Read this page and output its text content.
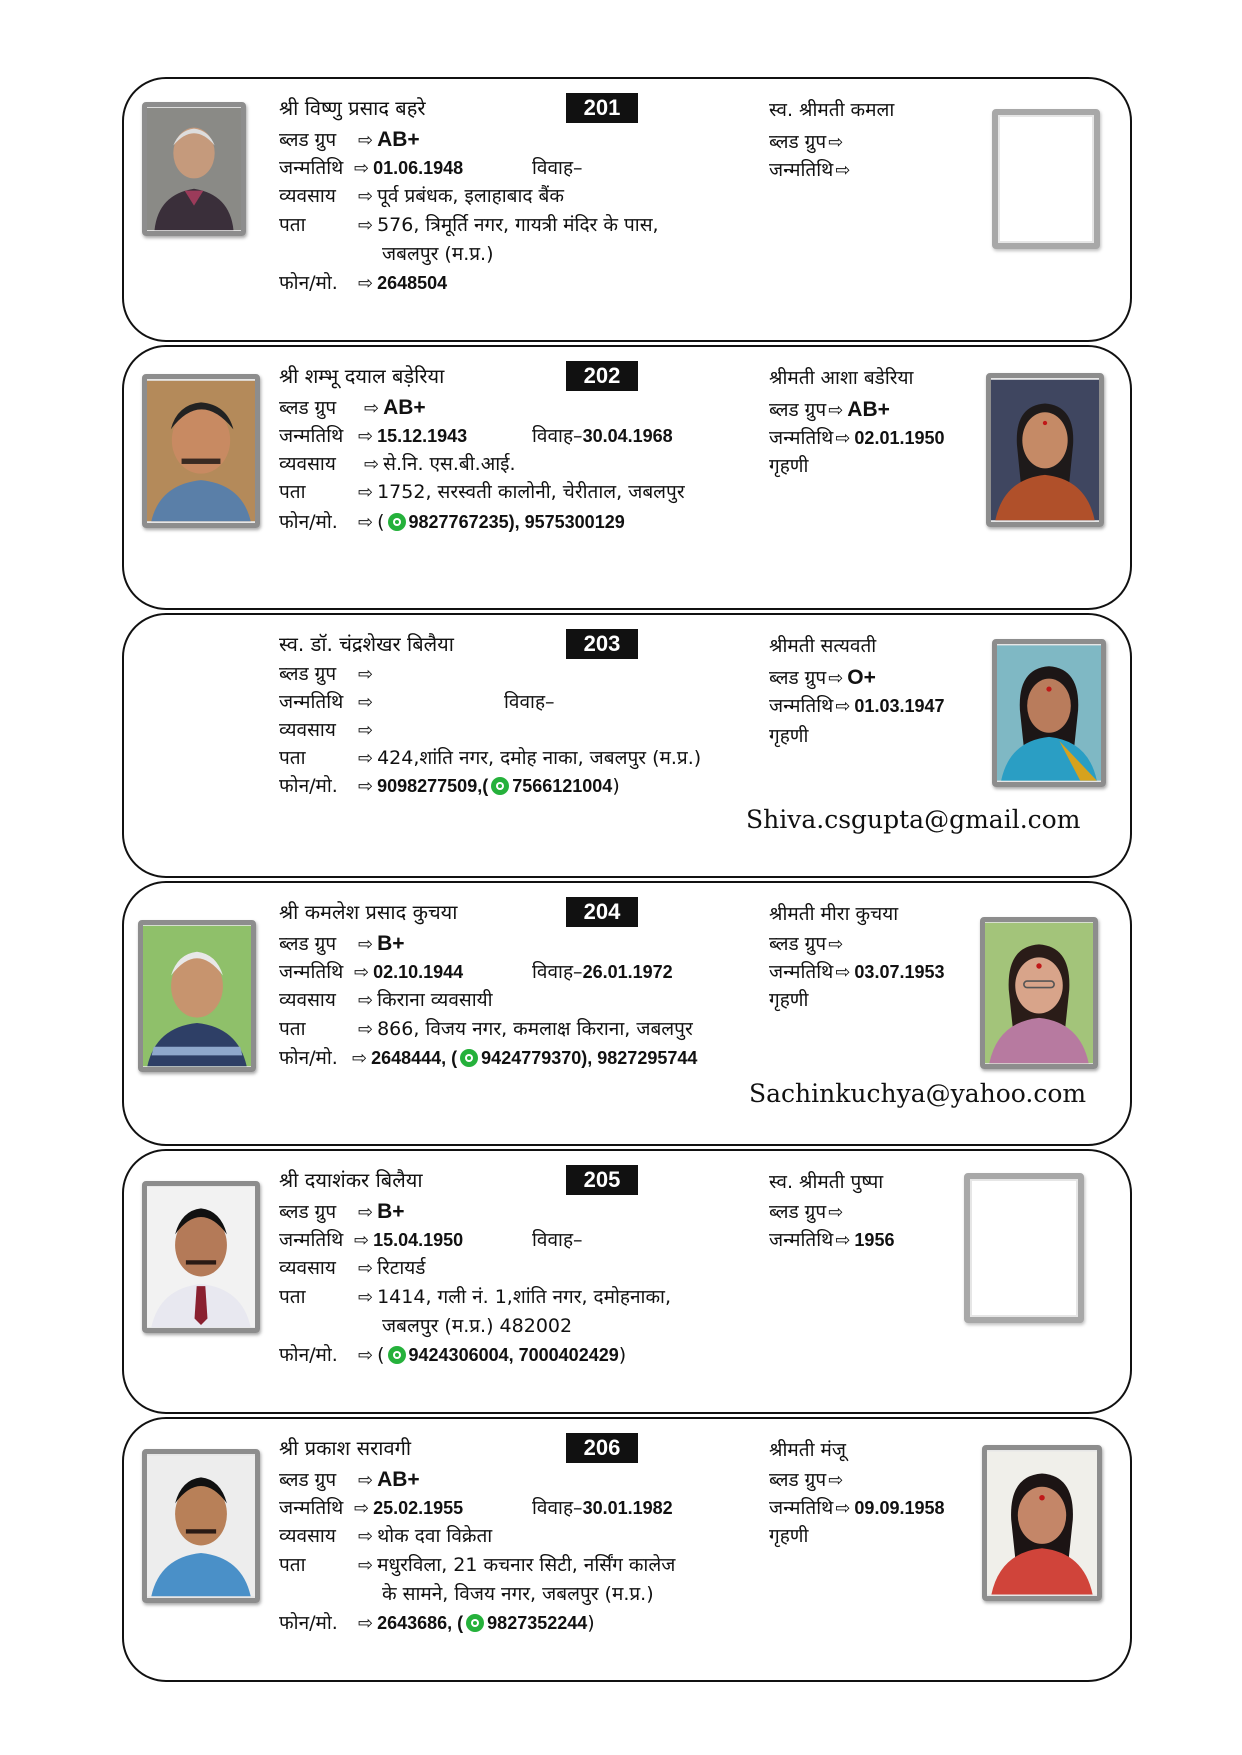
201
श्री विष्णु प्रसाद बहरे
ब्लड ग्रुप ⇨ AB+
जन्मतिथि ⇨ 01.06.1948	विवाह–
व्यवसाय ⇨ पूर्व प्रबंधक, इलाहाबाद बैंक
पता	⇨ 576, त्रिमूर्ति नगर, गायत्री मंदिर के पास,
जबलपुर (म.प्र.)
फोन/मो. ⇨ 2648504
स्व. श्रीमती कमला
ब्लड ग्रुप ⇨
जन्मतिथि ⇨
202
श्री शम्भू दयाल बड़ेरिया
ब्लड ग्रुप ⇨ AB+
जन्मतिथि ⇨ 15.12.1943	विवाह–30.04.1968
व्यवसाय ⇨ से.नि. एस.बी.आई.
पता	⇨ 1752, सरस्वती कालोनी, चेरीताल, जबलपुर
फोन/मो. ⇨ ( 9827767235), 9575300129
श्रीमती आशा बडेरिया
ब्लड ग्रुप ⇨ AB+
जन्मतिथि ⇨ 02.01.1950
गृहणी
203
स्व. डॉ. चंद्रशेखर बिलैया
ब्लड ग्रुप ⇨
जन्मतिथि ⇨	विवाह–
व्यवसाय ⇨
पता	⇨ 424,शांति नगर, दमोह नाका, जबलपुर (म.प्र.)
फोन/मो. ⇨ 9098277509,( 7566121004)
Shiva.csgupta@gmail.com
श्रीमती सत्यवती
ब्लड ग्रुप ⇨ O+
जन्मतिथि ⇨ 01.03.1947
गृहणी
204
श्री कमलेश प्रसाद कुचया
ब्लड ग्रुप ⇨ B+
जन्मतिथि ⇨ 02.10.1944	विवाह–26.01.1972
व्यवसाय ⇨ किराना व्यवसायी
पता	⇨ 866, विजय नगर, कमलाक्ष किराना, जबलपुर
फोन/मो. ⇨ 2648444, ( 9424779370), 9827295744
Sachinkuchya@yahoo.com
श्रीमती मीरा कुचया
ब्लड ग्रुप ⇨
जन्मतिथि ⇨ 03.07.1953
गृहणी
205
श्री दयाशंकर बिलैया
ब्लड ग्रुप ⇨ B+
जन्मतिथि ⇨ 15.04.1950	विवाह–
व्यवसाय ⇨ रिटायर्ड
पता	⇨ 1414, गली नं. 1,शांति नगर, दमोहनाका,
जबलपुर (म.प्र.) 482002
फोन/मो. ⇨ ( 9424306004, 7000402429)
स्व. श्रीमती पुष्पा
ब्लड ग्रुप ⇨
जन्मतिथि ⇨ 1956
206
श्री प्रकाश सरावगी
ब्लड ग्रुप ⇨ AB+
जन्मतिथि ⇨ 25.02.1955	विवाह–30.01.1982
व्यवसाय ⇨ थोक दवा विक्रेता
पता	⇨ मधुरविला, 21 कचनार सिटी, नर्सिंग कालेज
के सामने, विजय नगर, जबलपुर (म.प्र.)
फोन/मो. ⇨ 2643686, ( 9827352244)
श्रीमती मंजू
ब्लड ग्रुप ⇨
जन्मतिथि ⇨ 09.09.1958
गृहणी
